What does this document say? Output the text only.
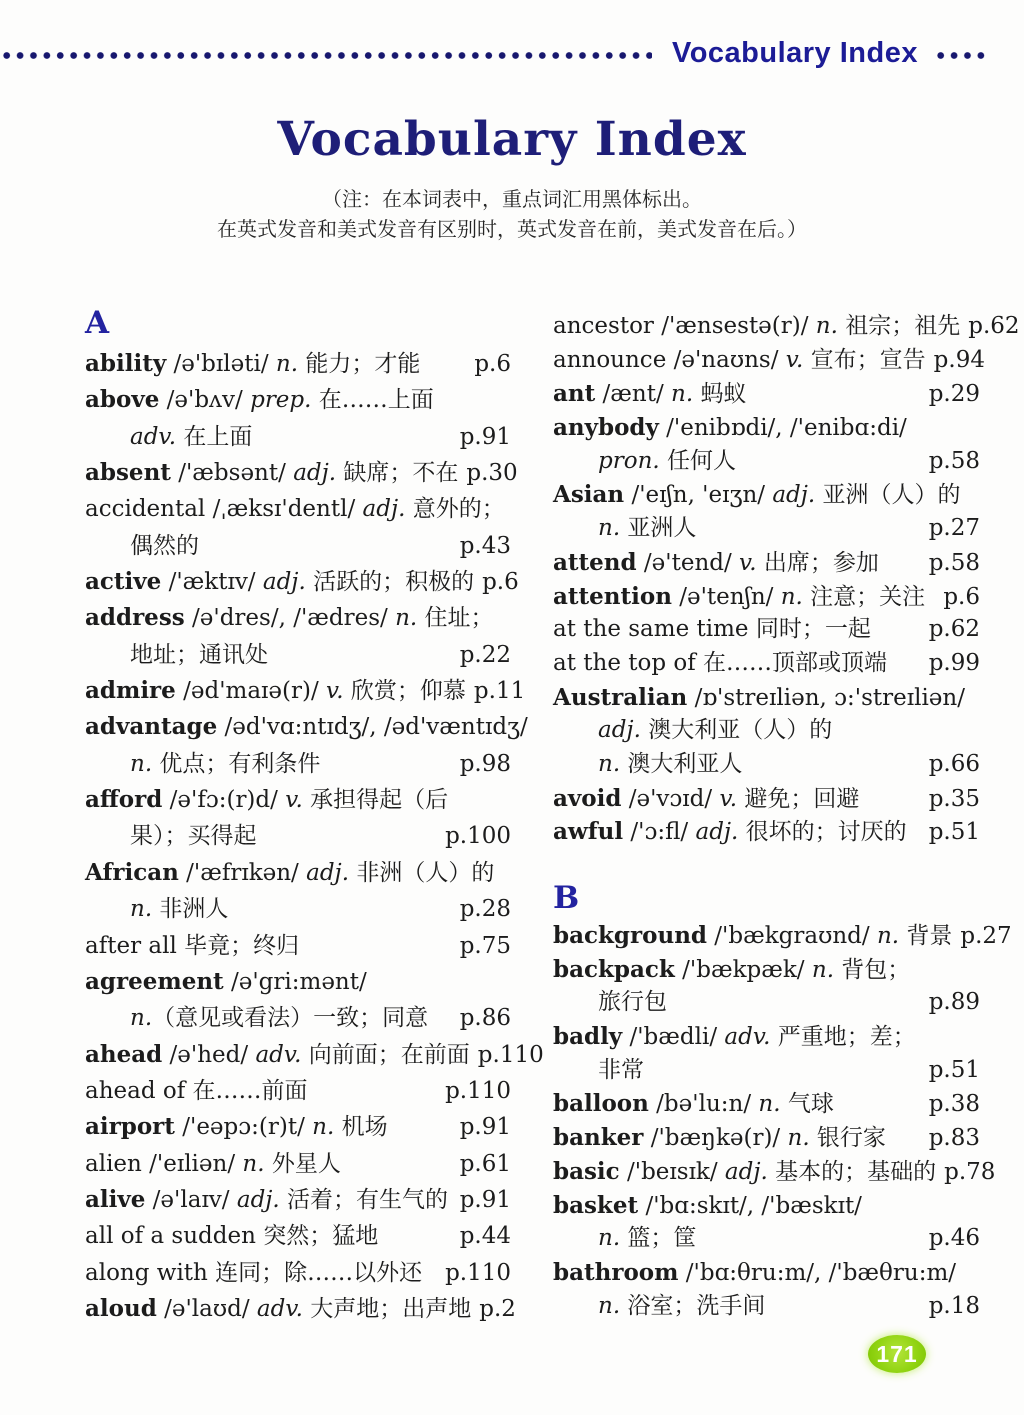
Vocabulary Index
Vocabulary Index
（注：在本词表中，重点词汇用黑体标出。
在英式发音和美式发音有区别时，英式发音在前，美式发音在后。）
A
ability /ə'bɪləti/ n. 能力；才能	p.6
above /ə'bʌv/ prep. 在……上面
adv. 在上面	p.91
absent /'æbsənt/ adj. 缺席；不在 p.30
accidental /ˌæksɪ'dentl/ adj. 意外的；
偶然的	p.43
active /'æktɪv/ adj. 活跃的；积极的 p.6
address /ə'dres/, /'ædres/ n. 住址；
地址；通讯处	p.22
admire /əd'maɪə(r)/ v. 欣赏；仰慕 p.11
advantage /əd'vɑ:ntɪdʒ/, /əd'væntɪdʒ/
n. 优点；有利条件	p.98
afford /ə'fɔ:(r)d/ v. 承担得起（后
果）；买得起	p.100
African /'æfrɪkən/ adj. 非洲（人）的
n. 非洲人	p.28
after all 毕竟；终归	p.75
agreement /ə'gri:mənt/
n.（意见或看法）一致；同意	p.86
ahead /ə'hed/ adv. 向前面；在前面 p.110
ahead of 在……前面	p.110
airport /'eəpɔ:(r)t/ n. 机场	p.91
alien /'eɪliən/ n. 外星人	p.61
alive /ə'laɪv/ adj. 活着；有生气的 p.91
all of a sudden 突然；猛地	p.44
along with 连同；除……以外还 p.110
aloud /ə'laʊd/ adv. 大声地；出声地 p.2
ancestor /'ænsestə(r)/ n. 祖宗；祖先 p.62
announce /ə'naʊns/ v. 宣布；宣告 p.94
ant /ænt/ n. 蚂蚁	p.29
anybody /'enibɒdi/, /'enibɑ:di/
pron. 任何人	p.58
Asian /'eɪʃn, 'eɪʒn/ adj. 亚洲（人）的
n. 亚洲人	p.27
attend /ə'tend/ v. 出席；参加	p.58
attention /ə'tenʃn/ n. 注意；关注 p.6
at the same time 同时；一起	p.62
at the top of 在……顶部或顶端	p.99
Australian /ɒ'streɪliən, ɔ:'streɪliən/
adj. 澳大利亚（人）的
n. 澳大利亚人	p.66
avoid /ə'vɔɪd/ v. 避免；回避	p.35
awful /'ɔ:fl/ adj. 很坏的；讨厌的 p.51
B
background /'bækgraʊnd/ n. 背景 p.27
backpack /'bækpæk/ n. 背包；
旅行包	p.89
badly /'bædli/ adv. 严重地；差；
非常	p.51
balloon /bə'lu:n/ n. 气球	p.38
banker /'bæŋkə(r)/ n. 银行家	p.83
basic /'beɪsɪk/ adj. 基本的；基础的 p.78
basket /'bɑ:skɪt/, /'bæskɪt/
n. 篮；筐	p.46
bathroom /'bɑ:θru:m/, /'bæθru:m/
n. 浴室；洗手间	p.18
171
